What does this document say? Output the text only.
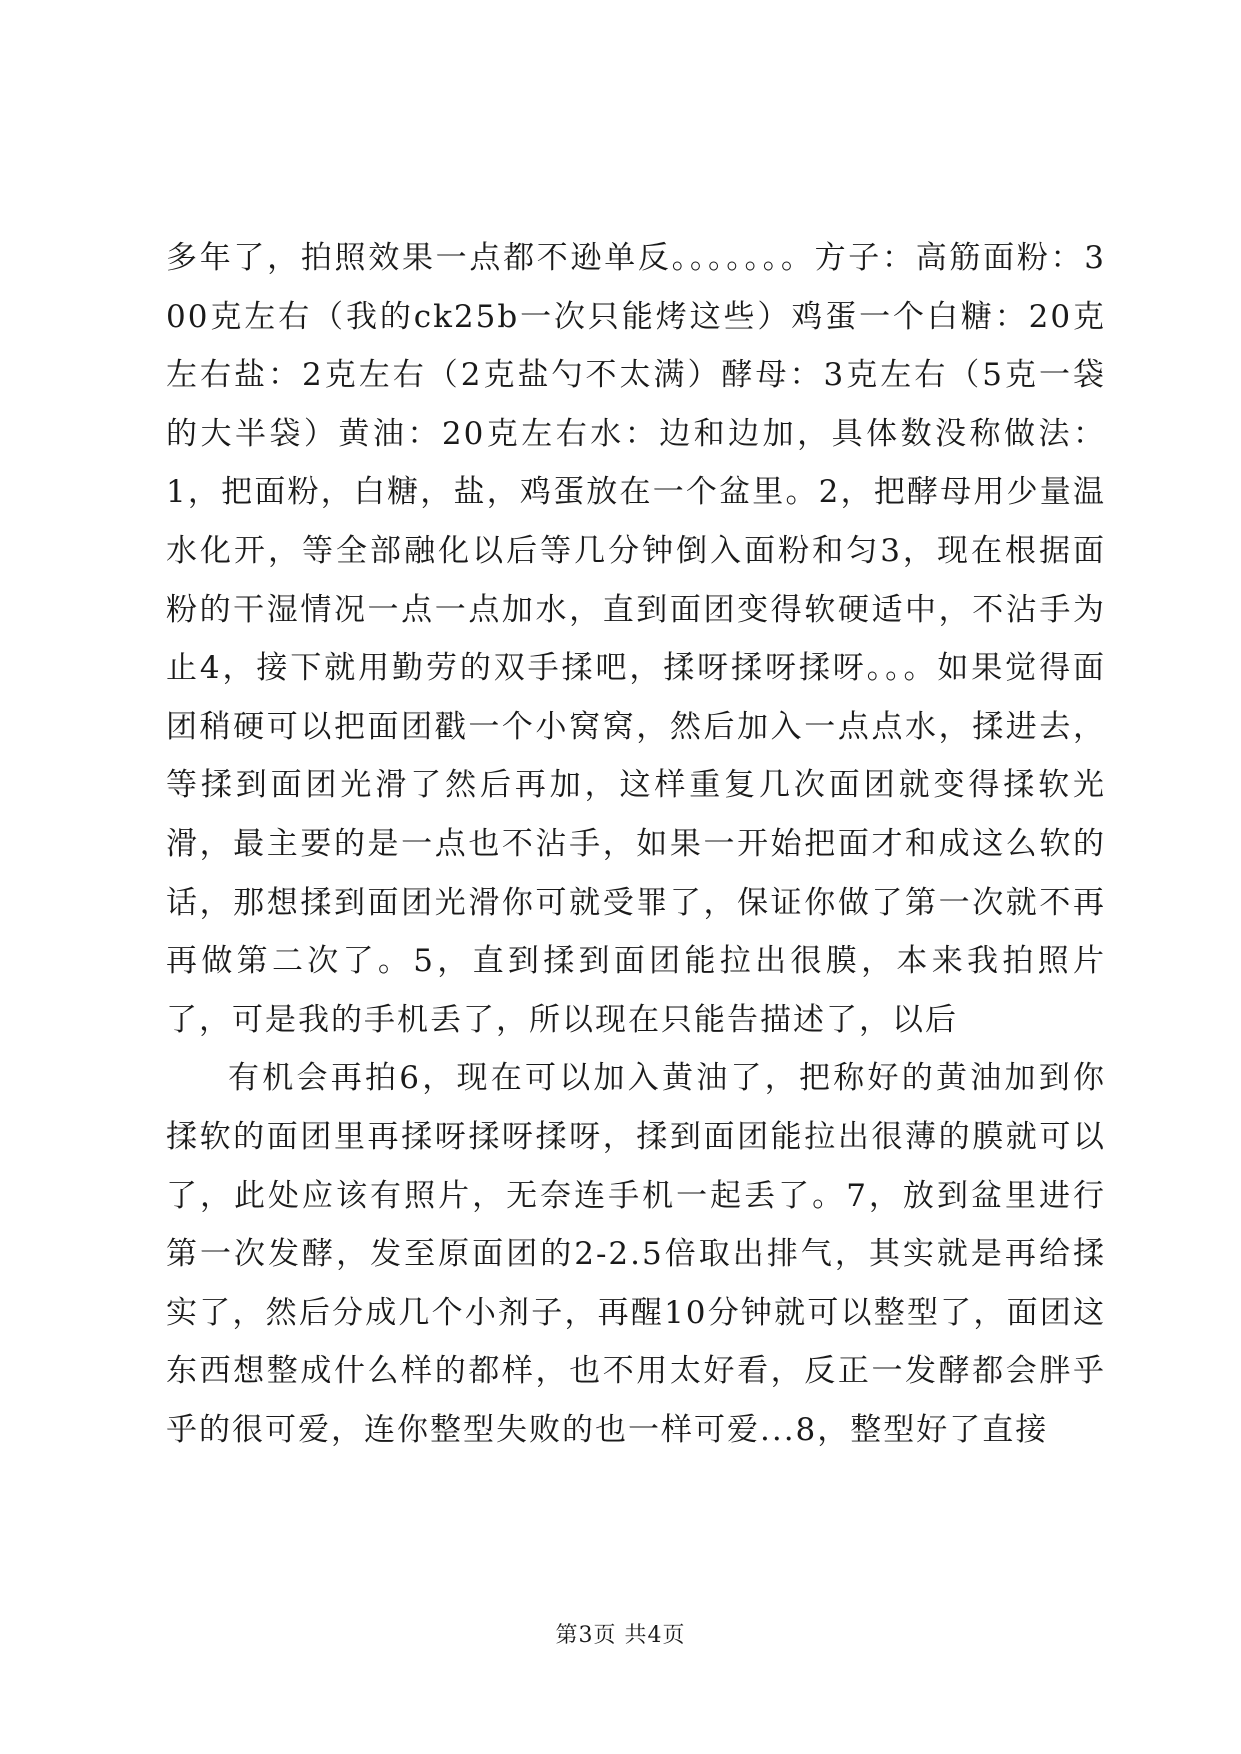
多年了，拍照效果一点都不逊单反。。。。。。。方子：高筋面粉：300克左右（我的ck25b一次只能烤这些）鸡蛋一个白糖：20克左右盐：2克左右（2克盐勺不太满）酵母：3克左右（5克一袋的大半袋）黄油：20克左右水：边和边加，具体数没称做法：1，把面粉，白糖，盐，鸡蛋放在一个盆里。2，把酵母用少量温水化开，等全部融化以后等几分钟倒入面粉和匀3，现在根据面粉的干湿情况一点一点加水，直到面团变得软硬适中，不沾手为止4，接下就用勤劳的双手揉吧，揉呀揉呀揉呀。。。如果觉得面团稍硬可以把面团戳一个小窝窝，然后加入一点点水，揉进去，等揉到面团光滑了然后再加，这样重复几次面团就变得揉软光滑，最主要的是一点也不沾手，如果一开始把面才和成这么软的话，那想揉到面团光滑你可就受罪了，保证你做了第一次就不再再做第二次了。5，直到揉到面团能拉出很膜，本来我拍照片了，可是我的手机丢了，所以现在只能告描述了，以后

有机会再拍6，现在可以加入黄油了，把称好的黄油加到你揉软的面团里再揉呀揉呀揉呀，揉到面团能拉出很薄的膜就可以了，此处应该有照片，无奈连手机一起丢了。7，放到盆里进行第一次发酵，发至原面团的2-2.5倍取出排气，其实就是再给揉实了，然后分成几个小剂子，再醒10分钟就可以整型了，面团这东西想整成什么样的都样，也不用太好看，反正一发酵都会胖乎乎的很可爱，连你整型失败的也一样可爱...8，整型好了直接

第3页 共4页
